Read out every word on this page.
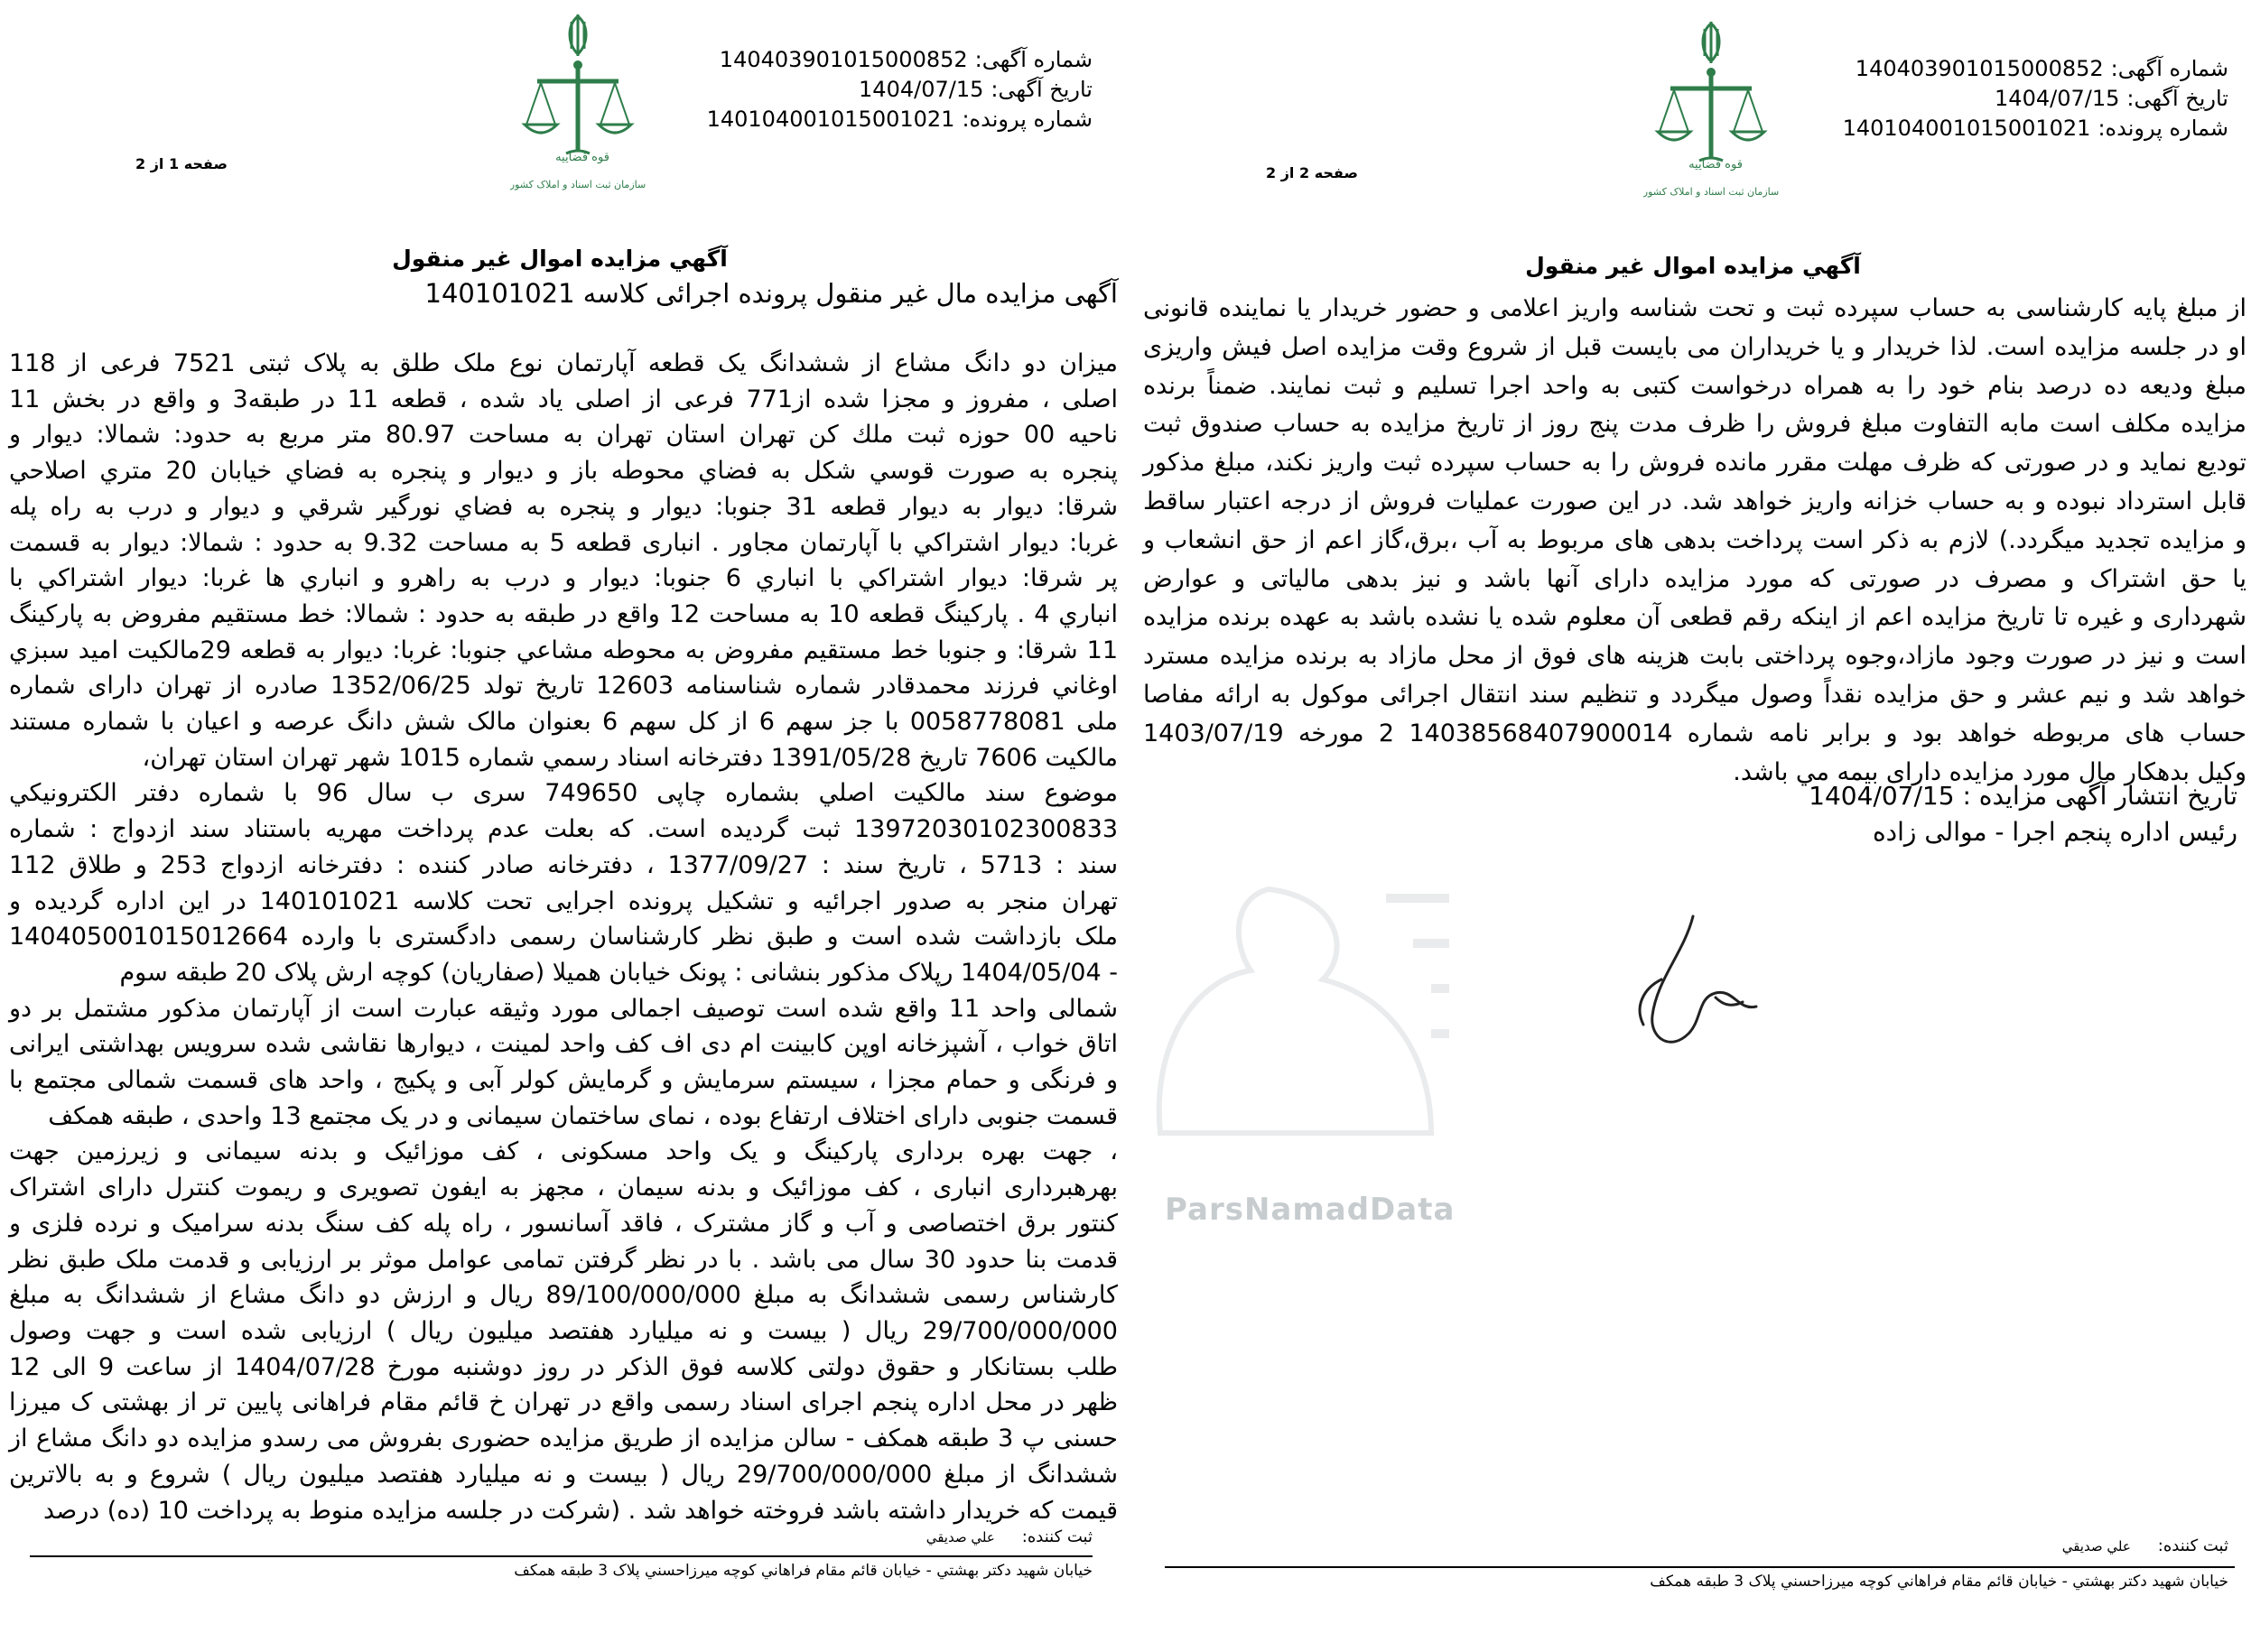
شماره آگهی:140403901015000852
تاریخ آگهی:1404/07/15
شماره پرونده:140104001015001021
قوه قضاییه
سازمان ثبت اسناد و املاک کشور
صفحه 1 از 2
آگهي مزايده اموال غير منقول
آگهی مزایده مال غیر منقول پرونده اجرائی کلاسه 140101021
میزان دو دانگ مشاع از ششدانگ یک قطعه آپارتمان نوع ملک طلق به پلاک ثبتی 7521 فرعی از 118
اصلی ، مفروز و مجزا شده از771 فرعی از اصلی یاد شده ، قطعه 11 در طبقه3 و واقع در بخش 11
ناحیه 00 حوزه ثبت ملك کن تهران استان تهران به مساحت 80.97 متر مربع به حدود: شمالا: دیوار و
پنجره به صورت قوسي شكل به فضاي محوطه باز و ديوار و پنجره به فضاي خيابان 20 متري اصلاحي
شرقا: ديوار به ديوار قطعه 31 جنوبا: ديوار و پنجره به فضاي نورگير شرقي و ديوار و درب به راه پله
غربا: ديوار اشتراكي با آپارتمان مجاور . انباری قطعه 5 به مساحت 9.32 به حدود : شمالا: ديوار به قسمت
پر شرقا: ديوار اشتراكي با انباري 6 جنوبا: ديوار و درب به راهرو و انباري ها غربا: ديوار اشتراكي با
انباري 4 . پارکینگ قطعه 10 به مساحت 12 واقع در طبقه به حدود : شمالا: خط مستقیم مفروض به پارکینگ
11 شرقا: و جنوبا خط مستقیم مفروض به محوطه مشاعي جنوبا: غربا: ديوار به قطعه 29مالكيت امید سبزي
اوغاني فرزند محمدقادر شماره شناسنامه 12603 تاریخ تولد 1352/06/25 صادره از تهران دارای شماره
ملی 0058778081 با جز سهم 6 از کل سهم 6 بعنوان مالک شش دانگ عرصه و اعیان با شماره مستند
مالكيت 7606 تاریخ 1391/05/28 دفترخانه اسناد رسمي شماره 1015 شهر تهران استان تهران،
موضوع سند مالكيت اصلي بشماره چاپی 749650 سری ب سال 96 با شماره دفتر الكترونيكي
13972030102300833 ثبت گردیده است. که بعلت عدم پرداخت مهریه باستناد سند ازدواج : شماره
سند : 5713 ، تاریخ سند : 1377/09/27 ، دفترخانه صادر کننده : دفترخانه ازدواج 253 و طلاق 112
تهران منجر به صدور اجرائیه و تشکیل پرونده اجرایی تحت کلاسه 140101021 در این اداره گردیده و
ملک بازداشت شده است و طبق نظر کارشناسان رسمی دادگستری با وارده 140405001015012664
- 1404/05/04 رپلاک مذکور بنشانی : پونک خیابان همیلا (صفاریان) کوچه ارش پلاک 20 طبقه سوم
شمالی واحد 11 واقع شده است توصیف اجمالی مورد وثیقه عبارت است از آپارتمان مذکور مشتمل بر دو
اتاق خواب ، آشپزخانه اوپن کابینت ام دی اف کف واحد لمینت ، دیوارها نقاشی شده سرویس بهداشتی ایرانی
و فرنگی و حمام مجزا ، سیستم سرمایش و گرمایش کولر آبی و پکیج ، واحد های قسمت شمالی مجتمع با
قسمت جنوبی دارای اختلاف ارتفاع بوده ، نمای ساختمان سیمانی و در یک مجتمع 13 واحدی ، طبقه همکف
، جهت بهره برداری پارکینگ و یک واحد مسکونی ، کف موزائیک و بدنه سیمانی و زیرزمین جهت
بهرهبرداری انباری ، کف موزائیک و بدنه سیمان ، مجهز به ایفون تصویری و ریموت کنترل دارای اشتراک
کنتور برق اختصاصی و آب و گاز مشترک ، فاقد آسانسور ، راه پله کف سنگ بدنه سرامیک و نرده فلزی و
قدمت بنا حدود 30 سال می باشد . با در نظر گرفتن تمامی عوامل موثر بر ارزیابی و قدمت ملک طبق نظر
کارشناس رسمی ششدانگ به مبلغ 89/100/000/000 ریال و ارزش دو دانگ مشاع از ششدانگ به مبلغ
29/700/000/000 ریال ( بیست و نه میلیارد هفتصد میلیون ریال ) ارزیابی شده است و جهت وصول
طلب بستانکار و حقوق دولتی کلاسه فوق الذکر در روز دوشنبه مورخ 1404/07/28 از ساعت 9 الی 12
ظهر در محل اداره پنجم اجرای اسناد رسمی واقع در تهران خ قائم مقام فراهانی پایین تر از بهشتی ک میرزا
حسنی پ 3 طبقه همکف - سالن مزایده از طریق مزایده حضوری بفروش می رسدو مزایده دو دانگ مشاع از
ششدانگ از مبلغ 29/700/000/000 ریال ( بیست و نه میلیارد هفتصد میلیون ریال ) شروع و به بالاترین
قیمت که خریدار داشته باشد فروخته خواهد شد . (شرکت در جلسه مزایده منوط به پرداخت 10 (ده) درصد
ثبت کننده:علي صديقي
خيابان شهيد دكتر بهشتي - خيابان قائم مقام فراهاني كوچه ميرزاحسني پلاک 3 طبقه همكف
ParsNamadData
شماره آگهی:140403901015000852
تاریخ آگهی:1404/07/15
شماره پرونده:140104001015001021
قوه قضاییه
سازمان ثبت اسناد و املاک کشور
صفحه 2 از 2
آگهي مزايده اموال غير منقول
از مبلغ پایه کارشناسی به حساب سپرده ثبت و تحت شناسه واریز اعلامی و حضور خریدار یا نماینده قانونی
او در جلسه مزایده است. لذا خریدار و یا خریداران می بایست قبل از شروع وقت مزایده اصل فیش واریزی
مبلغ ودیعه ده درصد بنام خود را به همراه درخواست کتبی به واحد اجرا تسلیم و ثبت نمایند. ضمناً برنده
مزایده مکلف است مابه التفاوت مبلغ فروش را ظرف مدت پنج روز از تاریخ مزایده به حساب صندوق ثبت
تودیع نماید و در صورتی که ظرف مهلت مقرر مانده فروش را به حساب سپرده ثبت واریز نکند، مبلغ مذکور
قابل استرداد نبوده و به حساب خزانه واریز خواهد شد. در این صورت عملیات فروش از درجه اعتبار ساقط
و مزایده تجدید میگردد.) لازم به ذکر است پرداخت بدهی های مربوط به آب ،برق،گاز اعم از حق انشعاب و
یا حق اشتراک و مصرف در صورتی که مورد مزایده دارای آنها باشد و نیز بدهی مالیاتی و عوارض
شهرداری و غیره تا تاریخ مزایده اعم از اینکه رقم قطعی آن معلوم شده یا نشده باشد به عهده برنده مزایده
است و نیز در صورت وجود مازاد،وجوه پرداختی بابت هزینه های فوق از محل مازاد به برنده مزایده مسترد
خواهد شد و نیم عشر و حق مزایده نقداً وصول میگردد و تنظیم سند انتقال اجرائی موکول به ارائه مفاصا
حساب های مربوطه خواهد بود و برابر نامه شماره 14038568407900014 2 مورخه 1403/07/19
وکیل بدهکار مال مورد مزایده دارای بیمه مي باشد.
تاریخ انتشار آگهی مزایده : 1404/07/15
رئیس اداره پنجم اجرا - موالی زاده
ثبت کننده:علي صديقي
خيابان شهيد دكتر بهشتي - خيابان قائم مقام فراهاني كوچه ميرزاحسني پلاک 3 طبقه همكف
